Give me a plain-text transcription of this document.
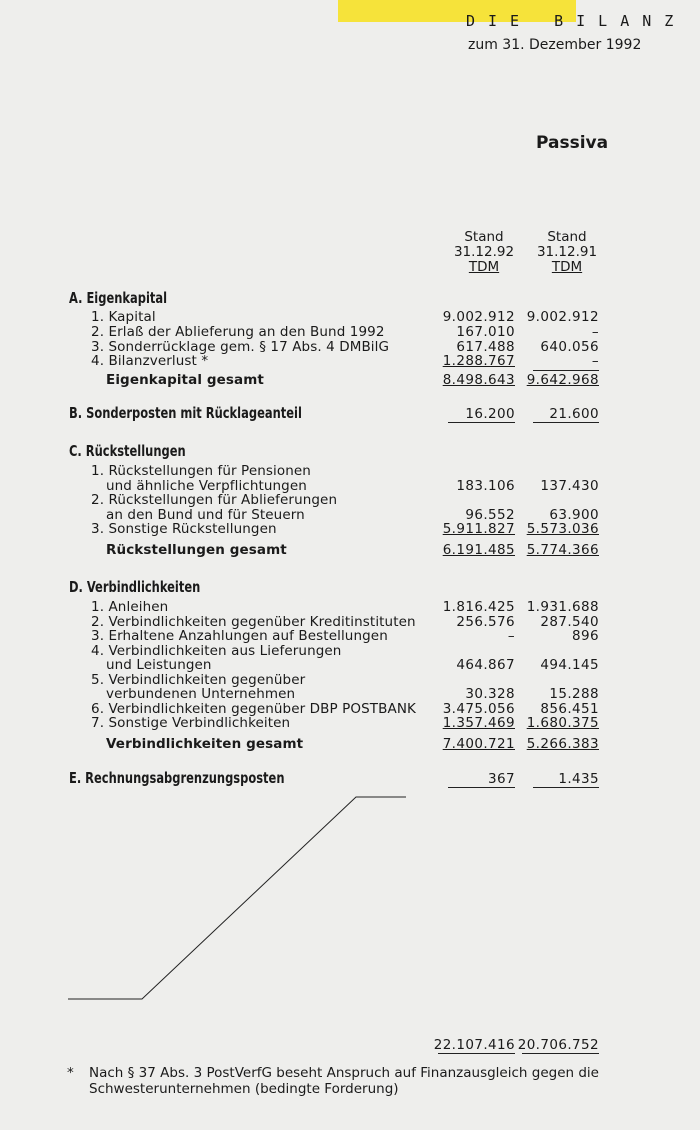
DIE BILANZ
zum 31. Dezember 1992
Passiva
Stand
31.12.92
TDM
Stand
31.12.91
TDM
A. Eigenkapital
1. Kapital	9.002.912 9.002.912
2. Erlaß der Ablieferung an den Bund 1992	167.010	–
3. Sonderrücklage gem. § 17 Abs. 4 DMBilG	617.488 640.056
4. Bilanzverlust *	1.288.767	–
Eigenkapital gesamt	8.498.643 9.642.968
B. Sonderposten mit Rücklageanteil	16.200	21.600
C. Rückstellungen
1. Rückstellungen für Pensionen
und ähnliche Verpflichtungen	183.106 137.430
2. Rückstellungen für Ablieferungen
an den Bund und für Steuern	96.552	63.900
3. Sonstige Rückstellungen	5.911.827 5.573.036
Rückstellungen gesamt	6.191.485 5.774.366
D. Verbindlichkeiten
1. Anleihen	1.816.425 1.931.688
2. Verbindlichkeiten gegenüber Kreditinstituten	256.576 287.540
3. Erhaltene Anzahlungen auf Bestellungen	–	896
4. Verbindlichkeiten aus Lieferungen
und Leistungen	464.867 494.145
5. Verbindlichkeiten gegenüber
verbundenen Unternehmen	30.328	15.288
6. Verbindlichkeiten gegenüber DBP POSTBANK 3.475.056 856.451
7. Sonstige Verbindlichkeiten	1.357.469 1.680.375
Verbindlichkeiten gesamt	7.400.721 5.266.383
E. Rechnungsabgrenzungsposten	367	1.435
22.107.416 20.706.752
*	Nach § 37 Abs. 3 PostVerfG beseht Anspruch auf Finanzausgleich gegen die Schwesterunternehmen (bedingte Forderung)
